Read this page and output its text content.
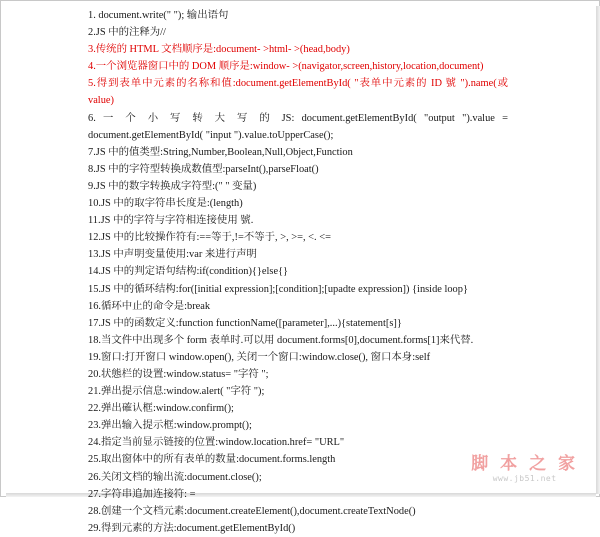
1. document.write(" "); 输出语句
2.JS 中的注释为//
3.传统的 HTML 文档顺序是:document- >html- >(head,body)
4.一个浏览器窗口中的 DOM 顺序是:window- >(navigator,screen,history,location,document)
5.得到表单中元素的名称和值:document.getElementById( "表单中元素的 ID 號 ").name(或value)
6. 一 个 小 写 转 大 写 的 JS: document.getElementById( "output ").value = document.getElementById( "input ").value.toUpperCase();
7.JS 中的值类型:String,Number,Boolean,Null,Object,Function
8.JS 中的字符型转换成数值型:parseInt(),parseFloat()
9.JS 中的数字转换成字符型:(" " 变量)
10.JS 中的取字符串长度是:(length)
11.JS 中的字符与字符相连接使用 號.
12.JS 中的比较操作符有:==等于,!=不等于, >, >=, <. <=
13.JS 中声明变量使用:var 来进行声明
14.JS 中的判定语句结构:if(condition){}else{}
15.JS 中的循环结构:for([initial expression];[condition];[upadte expression]) {inside loop}
16.循环中止的命令是:break
17.JS 中的函数定义:function functionName([parameter],...){statement[s]}
18.当文件中出现多个 form 表单时.可以用 document.forms[0],document.forms[1]来代替.
19.窗口:打开窗口 window.open(), 关闭一个窗口:window.close(), 窗口本身:self
20.状態栏的设置:window.status= "字符 ";
21.弹出提示信息:window.alert( "字符 ");
22.弹出確认框:window.confirm();
23.弹出输入提示框:window.prompt();
24.指定当前显示链接的位置:window.location.href= "URL"
25.取出窗体中的所有表单的数量:document.forms.length
26.关闭文档的输出流:document.close();
27.字符串追加连接符: =
28.创建一个文档元素:document.createElement(),document.createTextNode()
29.得到元素的方法:document.getElementById()
脚 本 之 家
www.jb51.net
